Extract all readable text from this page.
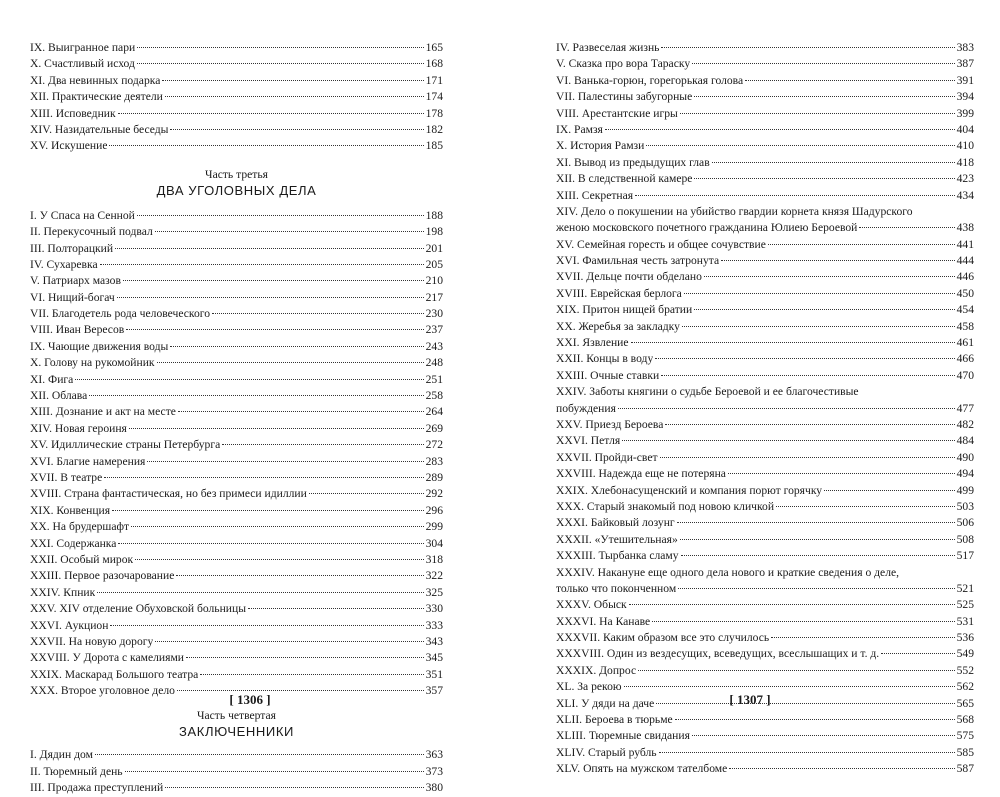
IX. Выигранное пари	165
X. Счастливый исход	168
XI. Два невинных подарка	171
XII. Практические деятели	174
XIII. Исповедник	178
XIV. Назидательные беседы	182
XV. Искушение	185
Часть третья
ДВА УГОЛОВНЫХ ДЕЛА
I. У Спаса на Сенной	188
II. Перекусочный подвал	198
III. Полторацкий	201
IV. Сухаревка	205
V. Патриарх мазов	210
VI. Нищий-богач	217
VII. Благодетель рода человеческого	230
VIII. Иван Вересов	237
IX. Чающие движения воды	243
X. Голову на рукомойник	248
XI. Фига	251
XII. Облава	258
XIII. Дознание и акт на месте	264
XIV. Новая героиня	269
XV. Идиллические страны Петербурга	272
XVI. Благие намерения	283
XVII. В театре	289
XVIII. Страна фантастическая, но без примеси идиллии	292
XIX. Конвенция	296
XX. На брудершафт	299
XXI. Содержанка	304
XXII. Особый мирок	318
XXIII. Первое разочарование	322
XXIV. Кпник	325
XXV. XIV отделение Обуховской больницы	330
XXVI. Аукцион	333
XXVII. На новую дорогу	343
XXVIII. У Дорота с камелиями	345
XXIX. Маскарад Большого театра	351
XXX. Второе уголовное дело	357
Часть четвертая
ЗАКЛЮЧЕННИКИ
I. Дядин дом	363
II. Тюремный день	373
III. Продажа преступлений	380
[ 1306 ]
IV. Развеселая жизнь	383
V. Сказка про вора Тараску	387
VI. Ванька-горюн, горегорькая голова	391
VII. Палестины забугорные	394
VIII. Арестантские игры	399
IX. Рамзя	404
X. История Рамзи	410
XI. Вывод из предыдущих глав	418
XII. В следственной камере	423
XIII. Секретная	434
XIV. Дело о покушении на убийство гвардии корнета князя Шадурского
женою московского почетного гражданина Юлиею Бероевой	438
XV. Семейная горесть и общее сочувствие	441
XVI. Фамильная честь затронута	444
XVII. Дельце почти обделано	446
XVIII. Еврейская берлога	450
XIX. Притон нищей братии	454
XX. Жеребья за закладку	458
XXI. Язвление	461
XXII. Концы в воду	466
XXIII. Очные ставки	470
XXIV. Заботы княгини о судьбе Бероевой и ее благочестивые
побуждения	477
XXV. Приезд Бероева	482
XXVI. Петля	484
XXVII. Пройди-свет	490
XXVIII. Надежда еще не потеряна	494
XXIX. Хлебонасущенский и компания порют горячку	499
XXX. Старый знакомый под новою кличкой	503
XXXI. Байковый лозунг	506
XXXII. «Утешительная»	508
XXXIII. Тырбанка сламу	517
XXXIV. Накануне еще одного дела нового и краткие сведения о деле,
только что поконченном	521
XXXV. Обыск	525
XXXVI. На Канаве	531
XXXVII. Каким образом все это случилось	536
XXXVIII. Один из вездесущих, всеведущих, всеслышащих и т. д.	549
XXXIX. Допрос	552
XL. За рекою	562
XLI. У дяди на даче	565
XLII. Бероева в тюрьме	568
XLIII. Тюремные свидания	575
XLIV. Старый рубль	585
XLV. Опять на мужском тателбоме	587
[ 1307 ]
